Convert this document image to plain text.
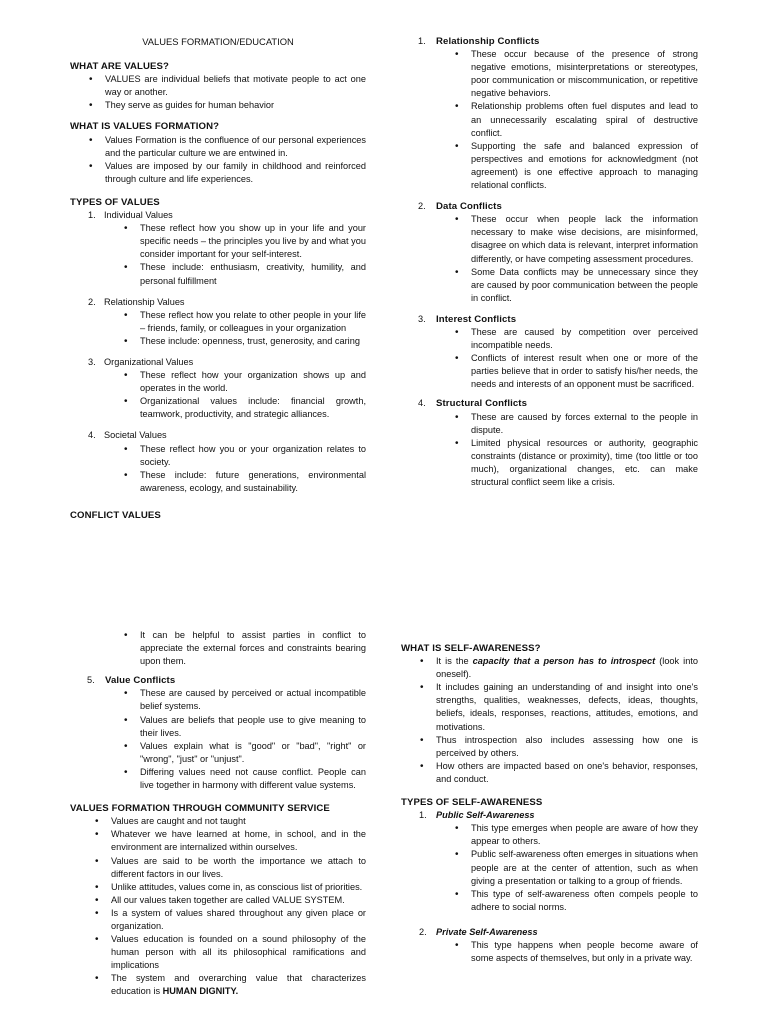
VALUES FORMATION/EDUCATION

WHAT ARE VALUES?

• VALUES are individual beliefs that motivate people to act one way or another.
• They serve as guides for human behavior

WHAT IS VALUES FORMATION?

• Values Formation is the confluence of our personal experiences and the particular culture we are entwined in.
• Values are imposed by our family in childhood and reinforced through culture and life experiences.

TYPES OF VALUES

1. Individual Values

• These reflect how you show up in your life and your specific needs – the principles you live by and what you consider important for your self-interest.
• These include: enthusiasm, creativity, humility, and personal fulfillment
2. Relationship Values

• These reflect how you relate to other people in your life – friends, family, or colleagues in your organization
• These include: openness, trust, generosity, and caring
3. Organizational Values

• These reflect how your organization shows up and operates in the world.
• Organizational values include: financial growth, teamwork, productivity, and strategic alliances.
4. Societal Values

• These reflect how you or your organization relates to society.
• These include: future generations, environmental awareness, ecology, and sustainability.

CONFLICT VALUES

1. Relationship Conflicts

• These occur because of the presence of strong negative emotions, misinterpretations or stereotypes, poor communication or miscommunication, or repetitive negative behaviors.
• Relationship problems often fuel disputes and lead to an unnecessarily escalating spiral of destructive conflict.
• Supporting the safe and balanced expression of perspectives and emotions for acknowledgment (not agreement) is one effective approach to managing relational conflicts.
2. Data Conflicts

• These occur when people lack the information necessary to make wise decisions, are misinformed, disagree on which data is relevant, interpret information differently, or have competing assessment procedures.
• Some Data conflicts may be unnecessary since they are caused by poor communication between the people in conflict.
3. Interest Conflicts

• These are caused by competition over perceived incompatible needs.
• Conflicts of interest result when one or more of the parties believe that in order to satisfy his/her needs, the needs and interests of an opponent must be sacrificed.
4. Structural Conflicts

• These are caused by forces external to the people in dispute.
• Limited physical resources or authority, geographic constraints (distance or proximity), time (too little or too much), organizational changes, etc. can make structural conflict seem like a crisis.
• It can be helpful to assist parties in conflict to appreciate the external forces and constraints bearing upon them.
5. Value Conflicts

• These are caused by perceived or actual incompatible belief systems.
• Values are beliefs that people use to give meaning to their lives.
• Values explain what is "good" or "bad", "right" or "wrong", "just" or "unjust".
• Differing values need not cause conflict. People can live together in harmony with different value systems.

VALUES FORMATION THROUGH COMMUNITY SERVICE

• Values are caught and not taught
• Whatever we have learned at home, in school, and in the environment are internalized within ourselves.
• Values are said to be worth the importance we attach to different factors in our lives.
• Unlike attitudes, values come in, as conscious list of priorities.
• All our values taken together are called VALUE SYSTEM.
• Is a system of values shared throughout any given place or organization.
• Values education is founded on a sound philosophy of the human person with all its philosophical ramifications and implications
• The system and overarching value that characterizes education is HUMAN DIGNITY.

WHAT IS SELF-AWARENESS?

• It is the capacity that a person has to introspect (look into oneself).
• It includes gaining an understanding of and insight into one's strengths, qualities, weaknesses, defects, ideas, thoughts, beliefs, ideals, responses, reactions, attitudes, emotions, and motivations.
• Thus introspection also includes assessing how one is perceived by others.
• How others are impacted based on one's behavior, responses, and conduct.

TYPES OF SELF-AWARENESS

1. Public Self-Awareness

• This type emerges when people are aware of how they appear to others.
• Public self-awareness often emerges in situations when people are at the center of attention, such as when giving a presentation or talking to a group of friends.
• This type of self-awareness often compels people to adhere to social norms.
2. Private Self-Awareness

• This type happens when people become aware of some aspects of themselves, but only in a private way.
